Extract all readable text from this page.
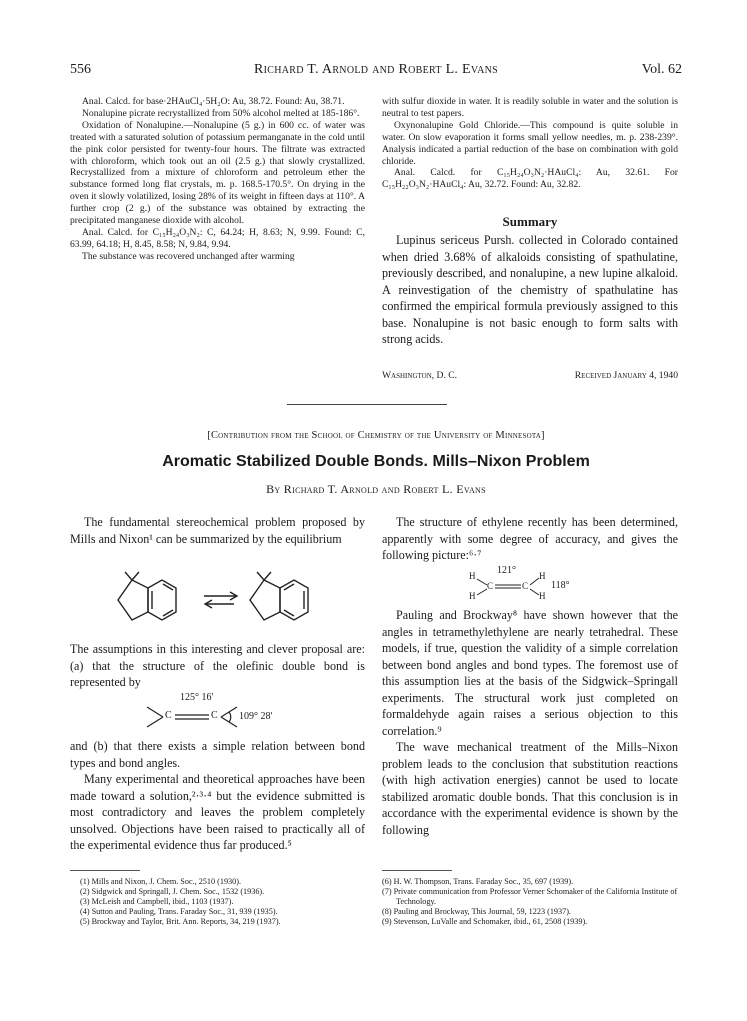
556	Richard T. Arnold and Robert L. Evans	Vol. 62

Anal. Calcd. for base·2HAuCl₄·5H₂O: Au, 38.72. Found: Au, 38.71.

Nonalupine picrate recrystallized from 50% alcohol melted at 185-186°.

Oxidation of Nonalupine.—Nonalupine (5 g.) in 600 cc. of water was treated with a saturated solution of potassium permanganate in the cold until the pink color persisted for twenty-four hours. The filtrate was extracted with chloroform, which took out an oil (2.5 g.) that slowly crystallized. Recrystallized from a mixture of chloroform and petroleum ether the substance formed long flat crystals, m. p. 168.5-170.5°. On drying in the oven it slowly volatilized, losing 28% of its weight in fifteen days at 110°. A further crop (2 g.) of the substance was obtained by extracting the precipitated manganese dioxide with alcohol.

Anal. Calcd. for C₁₅H₂₄O₃N₂: C, 64.24; H, 8.63; N, 9.99. Found: C, 63.99, 64.18; H, 8.45, 8.58; N, 9.84, 9.94.

The substance was recovered unchanged after warming

with sulfur dioxide in water. It is readily soluble in water and the solution is neutral to test papers.

Oxynonalupine Gold Chloride.—This compound is quite soluble in water. On slow evaporation it forms small yellow needles, m. p. 238-239°. Analysis indicated a partial reduction of the base on combination with gold chloride.

Anal. Calcd. for C₁₅H₂₄O₃N₂·HAuCl₄: Au, 32.61. For C₁₅H₂₂O₃N₂·HAuCl₄: Au, 32.72. Found: Au, 32.82.

Summary

Lupinus sericeus Pursh. collected in Colorado contained when dried 3.68% of alkaloids consisting of spathulatine, previously described, and nonalupine, a new lupine alkaloid. A reinvestigation of the chemistry of spathulatine has confirmed the empirical formula previously assigned to this base. Nonalupine is not basic enough to form salts with strong acids.

Washington, D. C.	Received January 4, 1940
[Contribution from the School of Chemistry of the University of Minnesota]
Aromatic Stabilized Double Bonds. Mills–Nixon Problem
By Richard T. Arnold and Robert L. Evans

The fundamental stereochemical problem proposed by Mills and Nixon¹ can be summarized by the equilibrium

The assumptions in this interesting and clever proposal are: (a) that the structure of the olefinic double bond is represented by

125° 16′
C	C 109° 28′

and (b) that there exists a simple relation between bond types and bond angles.

Many experimental and theoretical approaches have been made toward a solution,²·³·⁴ but the evidence submitted is most contradictory and leaves the problem completely unsolved. Objections have been raised to practically all of the experimental evidence thus far produced.⁵

The structure of ethylene recently has been determined, apparently with some degree of accuracy, and gives the following picture:⁶·⁷

121°
H
H
C	C
H
H
118°

Pauling and Brockway⁸ have shown however that the angles in tetramethylethylene are nearly tetrahedral. These models, if true, question the validity of a simple correlation between bond angles and bond types. The foremost use of this assumption lies at the basis of the Sidgwick–Springall experiments. The structural work just completed on formaldehyde again raises a serious objection to this correlation.⁹

The wave mechanical treatment of the Mills–Nixon problem leads to the conclusion that substitution reactions (with high activation energies) cannot be used to locate stabilized aromatic double bonds. That this conclusion is in accordance with the experimental evidence is shown by the following

(1) Mills and Nixon, J. Chem. Soc., 2510 (1930).

(2) Sidgwick and Springall, J. Chem. Soc., 1532 (1936).

(3) McLeish and Campbell, ibid., 1103 (1937).

(4) Sutton and Pauling, Trans. Faraday Soc., 31, 939 (1935).

(5) Brockway and Taylor, Brit. Ann. Reports, 34, 219 (1937).

(6) H. W. Thompson, Trans. Faraday Soc., 35, 697 (1939).

(7) Private communication from Professor Verner Schomaker of the California Institute of Technology.

(8) Pauling and Brockway, This Journal, 59, 1223 (1937).

(9) Stevenson, LuValle and Schomaker, ibid., 61, 2508 (1939).
